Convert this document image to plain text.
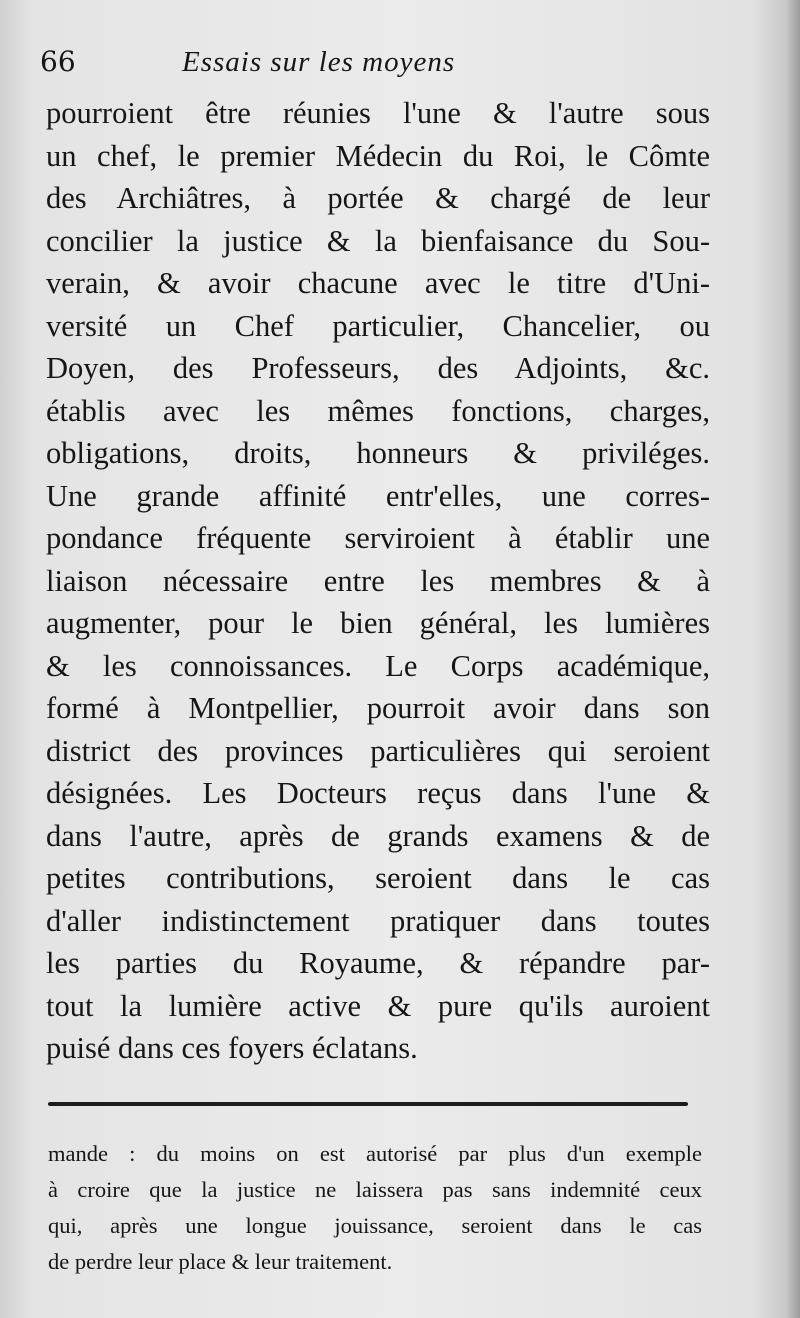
66	Essais sur les moyens

pourroient être réunies l'une & l'autre sous
un chef, le premier Médecin du Roi, le Cômte
des Archiâtres, à portée & chargé de leur
concilier la justice & la bienfaisance du Sou-
verain, & avoir chacune avec le titre d'Uni-
versité un Chef particulier, Chancelier, ou
Doyen, des Professeurs, des Adjoints, &c.
établis avec les mêmes fonctions, charges,
obligations, droits, honneurs & priviléges.
Une grande affinité entr'elles, une corres-
pondance fréquente serviroient à établir une
liaison nécessaire entre les membres & à
augmenter, pour le bien général, les lumières
& les connoissances. Le Corps académique,
formé à Montpellier, pourroit avoir dans son
district des provinces particulières qui seroient
désignées. Les Docteurs reçus dans l'une &
dans l'autre, après de grands examens & de
petites contributions, seroient dans le cas
d'aller indistinctement pratiquer dans toutes
les parties du Royaume, & répandre par-
tout la lumière active & pure qu'ils auroient
puisé dans ces foyers éclatans.

mande : du moins on est autorisé par plus d'un exemple
à croire que la justice ne laissera pas sans indemnité ceux
qui, après une longue jouissance, seroient dans le cas
de perdre leur place & leur traitement.
